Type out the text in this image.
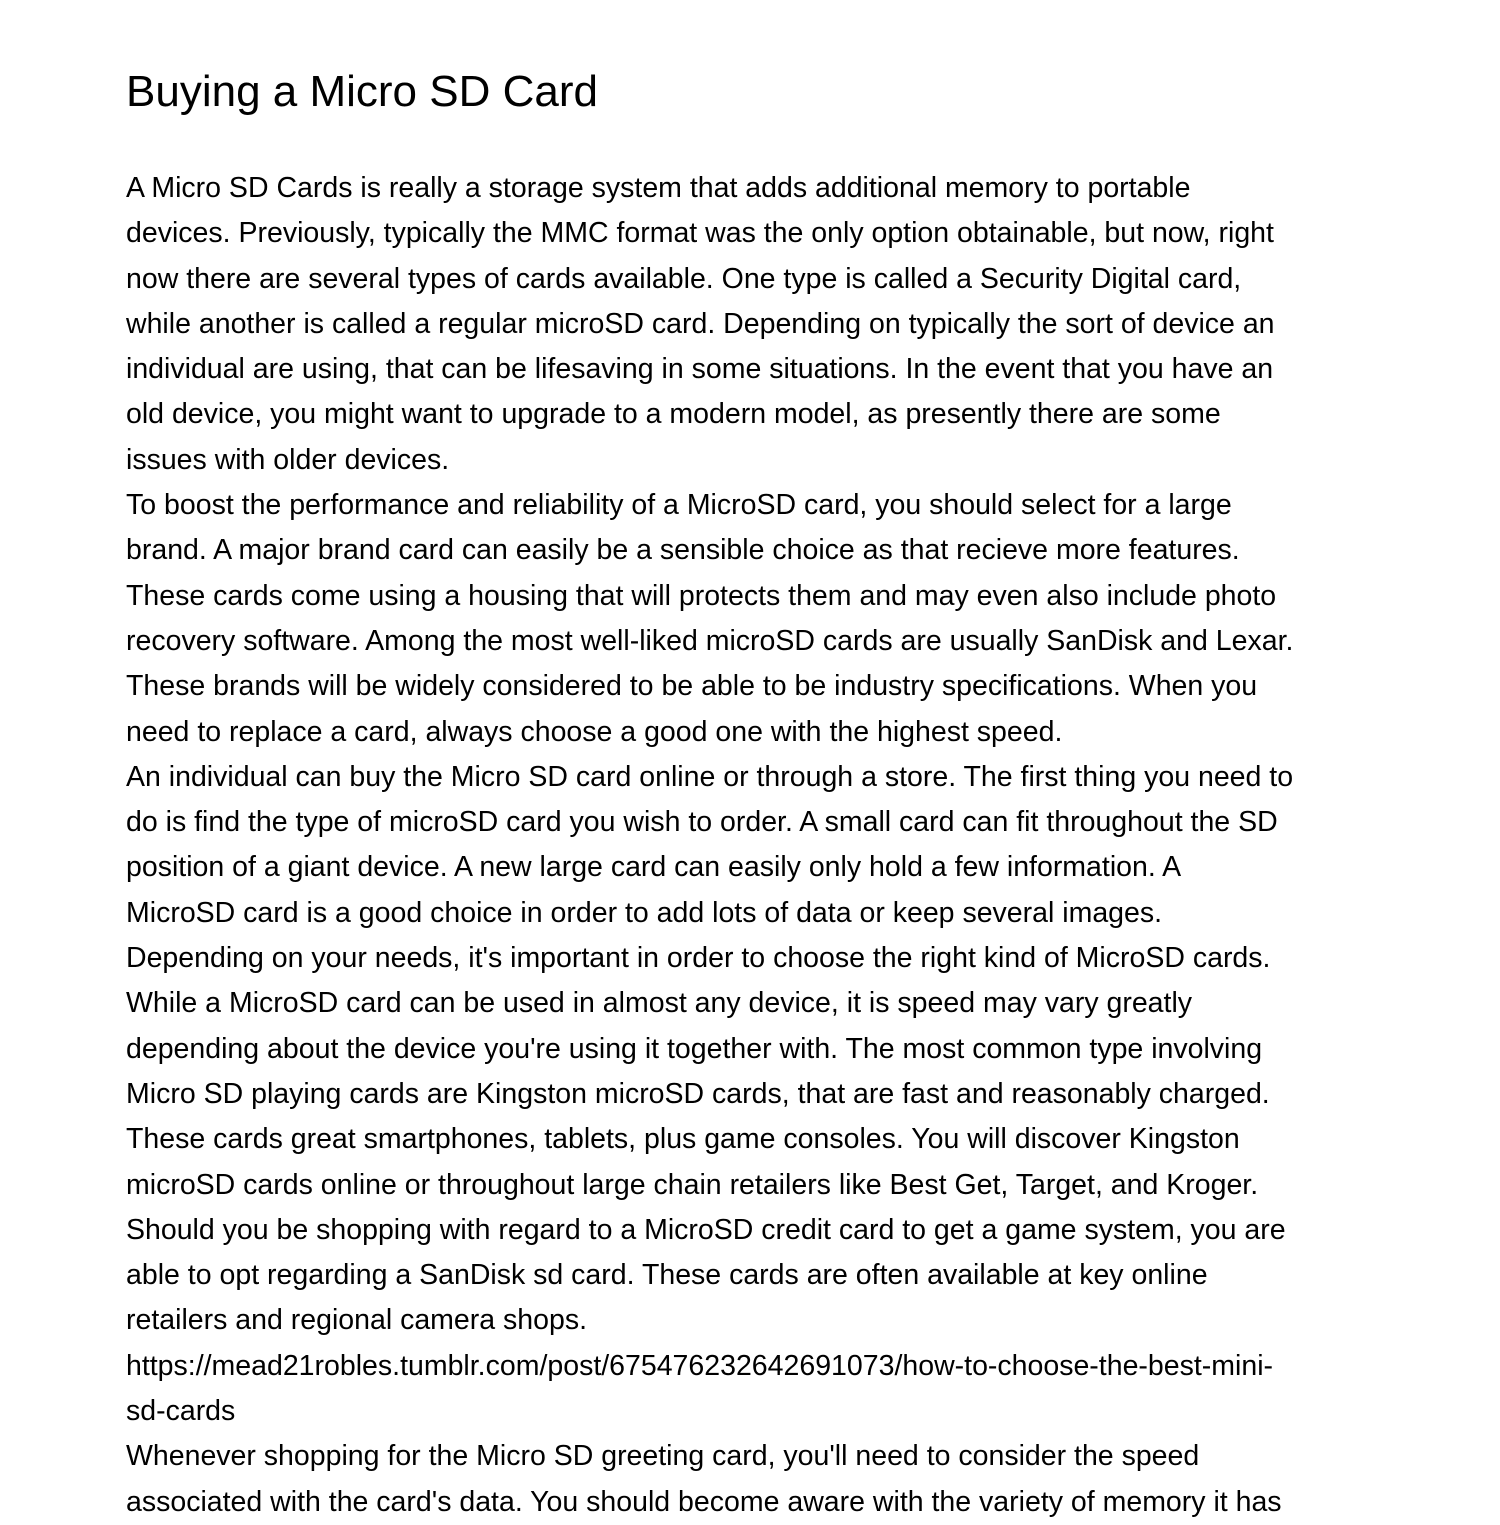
Buying a Micro SD Card
A Micro SD Cards is really a storage system that adds additional memory to portable
devices. Previously, typically the MMC format was the only option obtainable, but now, right
now there are several types of cards available. One type is called a Security Digital card,
while another is called a regular microSD card. Depending on typically the sort of device an
individual are using, that can be lifesaving in some situations. In the event that you have an
old device, you might want to upgrade to a modern model, as presently there are some
issues with older devices.
To boost the performance and reliability of a MicroSD card, you should select for a large
brand. A major brand card can easily be a sensible choice as that recieve more features.
These cards come using a housing that will protects them and may even also include photo
recovery software. Among the most well-liked microSD cards are usually SanDisk and Lexar.
These brands will be widely considered to be able to be industry specifications. When you
need to replace a card, always choose a good one with the highest speed.
An individual can buy the Micro SD card online or through a store. The first thing you need to
do is find the type of microSD card you wish to order. A small card can fit throughout the SD
position of a giant device. A new large card can easily only hold a few information. A
MicroSD card is a good choice in order to add lots of data or keep several images.
Depending on your needs, it's important in order to choose the right kind of MicroSD cards.
While a MicroSD card can be used in almost any device, it is speed may vary greatly
depending about the device you're using it together with. The most common type involving
Micro SD playing cards are Kingston microSD cards, that are fast and reasonably charged.
These cards great smartphones, tablets, plus game consoles. You will discover Kingston
microSD cards online or throughout large chain retailers like Best Get, Target, and Kroger.
Should you be shopping with regard to a MicroSD credit card to get a game system, you are
able to opt regarding a SanDisk sd card. These cards are often available at key online
retailers and regional camera shops.
https://mead21robles.tumblr.com/post/675476232642691073/how-to-choose-the-best-mini-
sd-cards
Whenever shopping for the Micro SD greeting card, you'll need to consider the speed
associated with the card's data. You should become aware with the variety of memory it has
